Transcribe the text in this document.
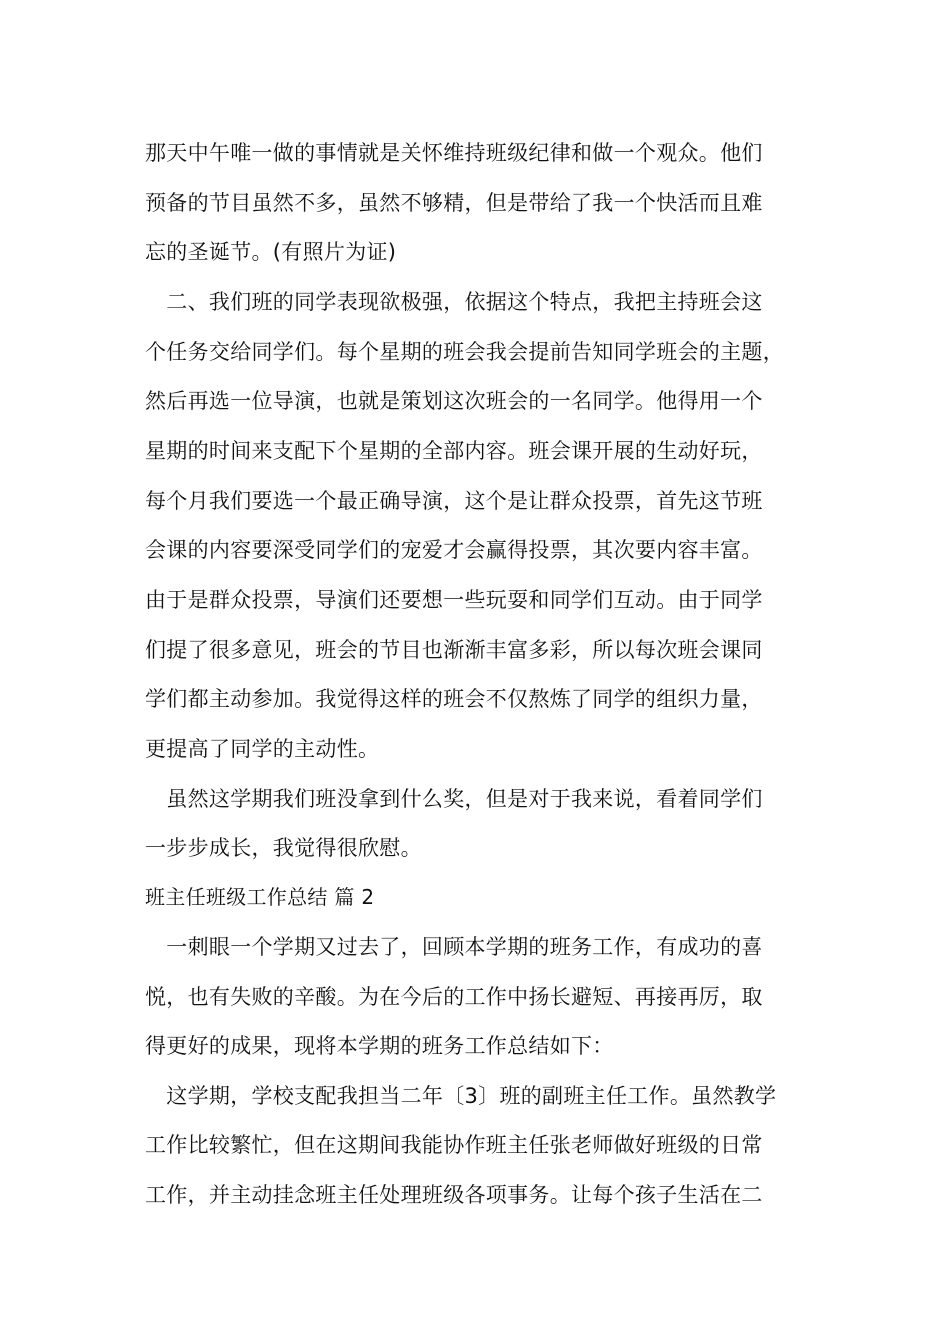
那天中午唯一做的事情就是关怀维持班级纪律和做一个观众。他们
预备的节目虽然不多，虽然不够精，但是带给了我一个快活而且难
忘的圣诞节。(有照片为证)
　二、我们班的同学表现欲极强，依据这个特点，我把主持班会这
个任务交给同学们。每个星期的班会我会提前告知同学班会的主题，
然后再选一位导演，也就是策划这次班会的一名同学。他得用一个
星期的时间来支配下个星期的全部内容。班会课开展的生动好玩，
每个月我们要选一个最正确导演，这个是让群众投票，首先这节班
会课的内容要深受同学们的宠爱才会赢得投票，其次要内容丰富。
由于是群众投票，导演们还要想一些玩耍和同学们互动。由于同学
们提了很多意见，班会的节目也渐渐丰富多彩，所以每次班会课同
学们都主动参加。我觉得这样的班会不仅熬炼了同学的组织力量，
更提高了同学的主动性。
　虽然这学期我们班没拿到什么奖，但是对于我来说，看着同学们
一步步成长，我觉得很欣慰。
班主任班级工作总结 篇 2
　一刺眼一个学期又过去了，回顾本学期的班务工作，有成功的喜
悦，也有失败的辛酸。为在今后的工作中扬长避短、再接再厉，取
得更好的成果，现将本学期的班务工作总结如下：
　这学期，学校支配我担当二年〔3〕班的副班主任工作。虽然教学
工作比较繁忙，但在这期间我能协作班主任张老师做好班级的日常
工作，并主动挂念班主任处理班级各项事务。让每个孩子生活在二
